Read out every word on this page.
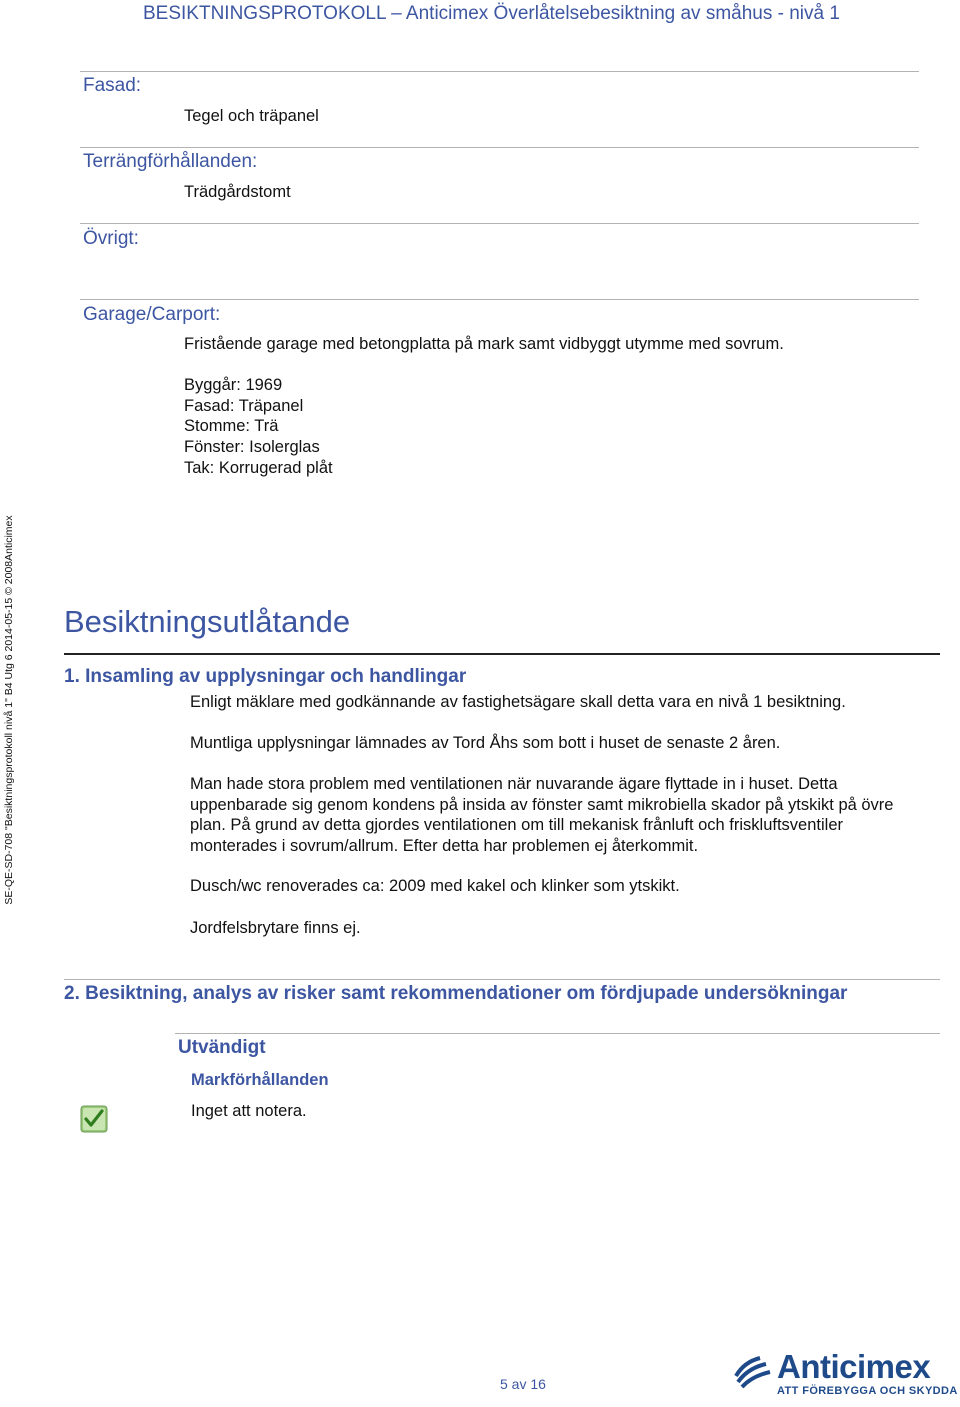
BESIKTNINGSPROTOKOLL – Anticimex Överlåtelsebesiktning av småhus - nivå 1
Fasad:
Tegel och träpanel
Terrängförhållanden:
Trädgårdstomt
Övrigt:
Garage/Carport:
Fristående garage med betongplatta på mark samt vidbyggt utymme med sovrum.
Byggår: 1969
Fasad: Träpanel
Stomme: Trä
Fönster: Isolerglas
Tak: Korrugerad plåt
SE-QE-SD-708 "Besiktningsprotokoll nivå 1" B4 Utg 6 2014-05-15 © 2008Anticimex Besiktningsutlåtande
1. Insamling av upplysningar och handlingar
Enligt mäklare med godkännande av fastighetsägare skall detta vara en nivå 1 besiktning.
Muntliga upplysningar lämnades av Tord Åhs som bott i huset de senaste 2 åren.
Man hade stora problem med ventilationen när nuvarande ägare flyttade in i huset. Detta uppenbarade sig genom kondens på insida av fönster samt mikrobiella skador på ytskikt på övre plan. På grund av detta gjordes ventilationen om till mekanisk frånluft och friskluftsventiler monterades i sovrum/allrum. Efter detta har problemen ej återkommit.
Dusch/wc renoverades ca: 2009 med kakel och klinker som ytskikt.
Jordfelsbrytare finns ej.
2. Besiktning, analys av risker samt rekommendationer om fördjupade undersökningar
Utvändigt
Markförhållanden
Inget att notera.
5 av 16	Anticimex
ATT FÖREBYGGA OCH SKYDDA
